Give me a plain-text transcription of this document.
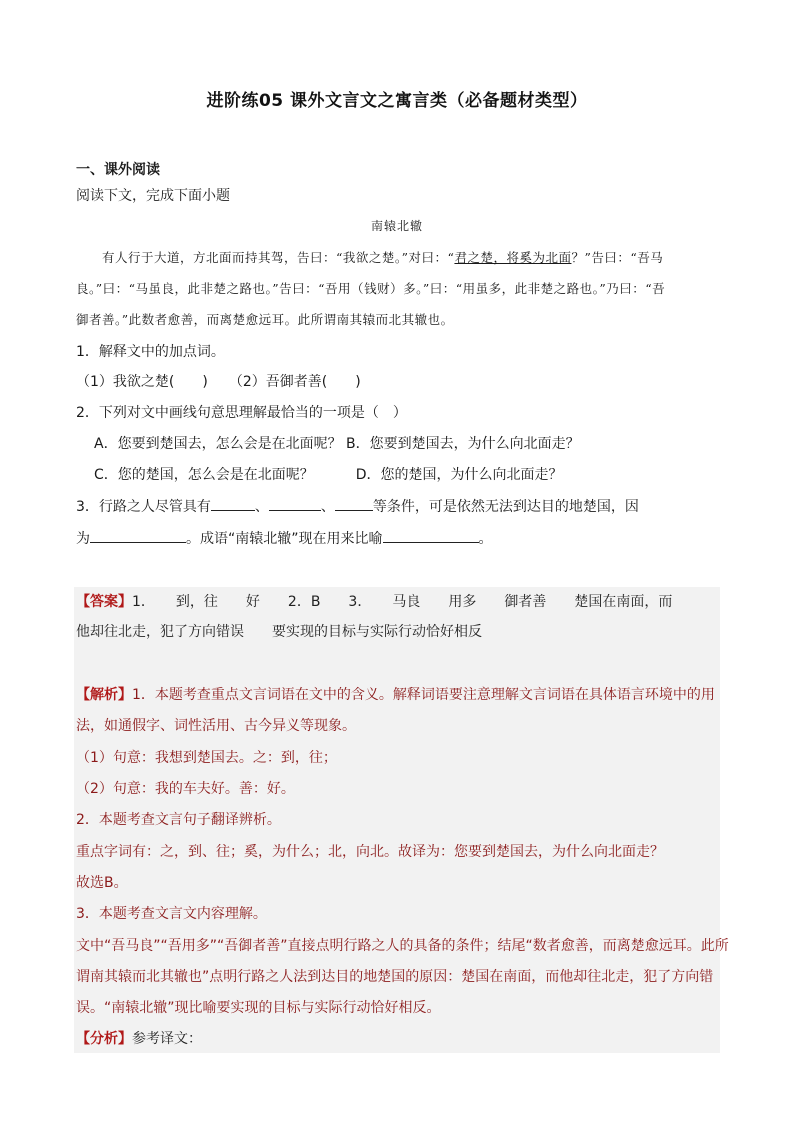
进阶练05 课外文言文之寓言类（必备题材类型）
一、课外阅读
阅读下文，完成下面小题
南辕北辙
有人行于大道，方北面而持其驾，告曰：“我欲之楚。”对曰：“君之楚，将奚为北面？”告曰：“吾马
良。”曰：“马虽良，此非楚之路也。”告曰：“吾用（钱财）多。”曰：“用虽多，此非楚之路也。”乃曰：“吾
御者善。”此数者愈善，而离楚愈远耳。此所谓南其辕而北其辙也。
1．解释文中的加点词。
（1）我欲之楚(　　)　　（2）吾御者善(　　)
2．下列对文中画线句意思理解最恰当的一项是（　）
A．您要到楚国去，怎么会是在北面呢？ B．您要到楚国去，为什么向北面走？
C．您的楚国，怎么会是在北面呢？　　　D．您的楚国，为什么向北面走？
3．行路之人尽管具有	、	、	等条件，可是依然无法到达目的地楚国，因
为	。成语“南辕北辙”现在用来比喻	。
【答案】1．　　到，往　　好　　2．B　　3．　　马良　　用多　　御者善　　楚国在南面，而
他却往北走，犯了方向错误　　要实现的目标与实际行动恰好相反
【解析】1．本题考查重点文言词语在文中的含义。解释词语要注意理解文言词语在具体语言环境中的用
法，如通假字、词性活用、古今异义等现象。
（1）句意：我想到楚国去。之：到，往；
（2）句意：我的车夫好。善：好。
2．本题考查文言句子翻译辨析。
重点字词有：之，到、往；奚，为什么；北，向北。故译为：您要到楚国去，为什么向北面走？
故选B。
3．本题考查文言文内容理解。
文中“吾马良”“吾用多”“吾御者善”直接点明行路之人的具备的条件；结尾“数者愈善，而离楚愈远耳。此所
谓南其辕而北其辙也”点明行路之人法到达目的地楚国的原因：楚国在南面，而他却往北走，犯了方向错
误。“南辕北辙”现比喻要实现的目标与实际行动恰好相反。
【分析】参考译文：
